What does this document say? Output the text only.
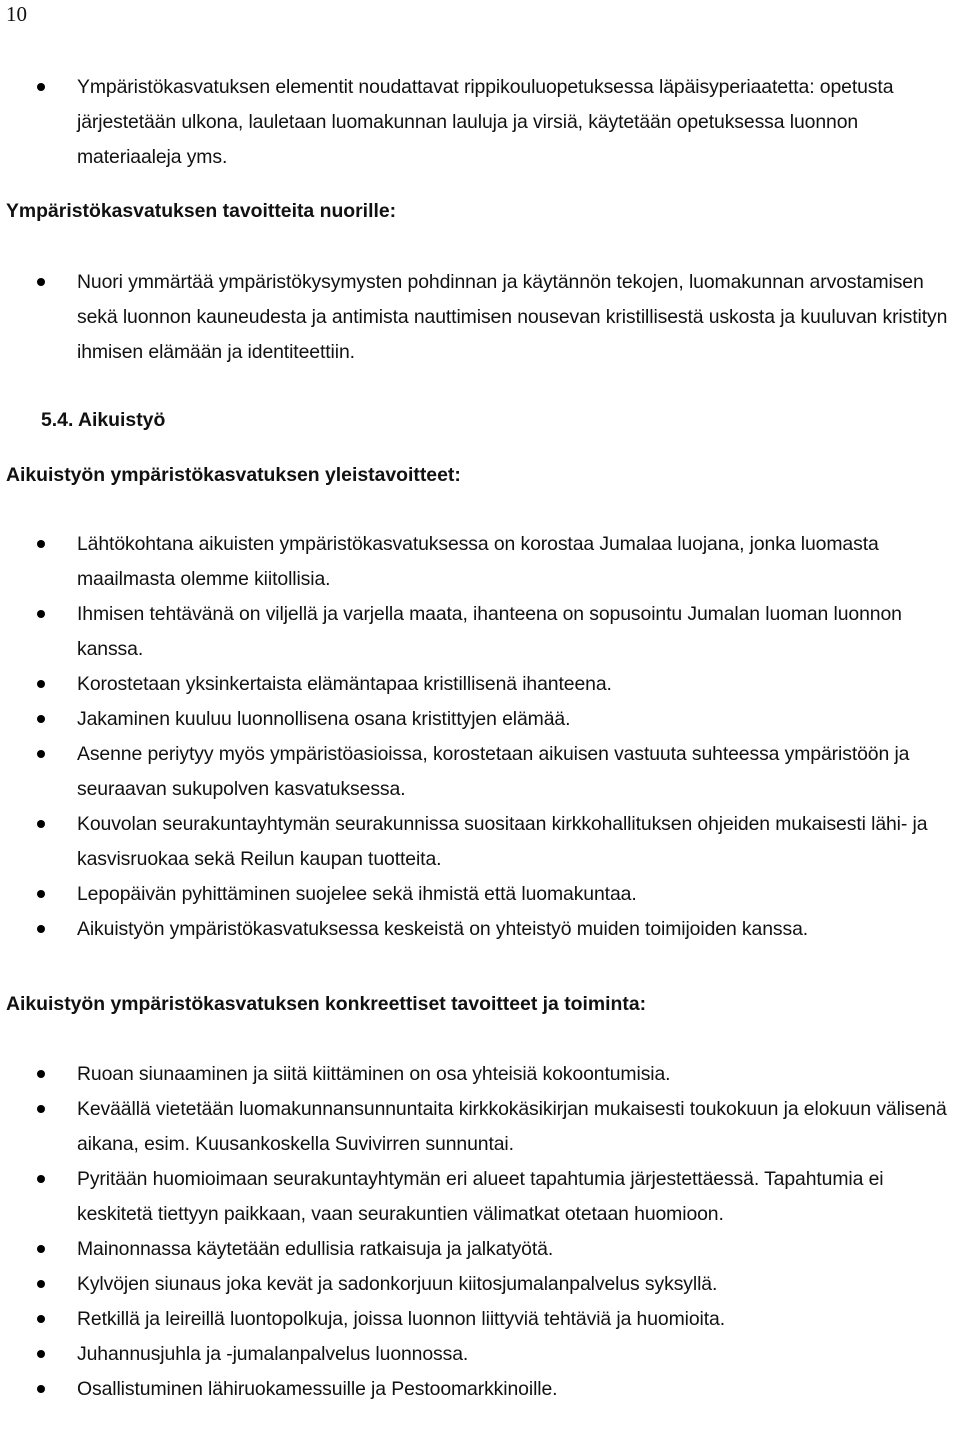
10
Ympäristökasvatuksen elementit noudattavat rippikouluopetuksessa läpäisyperiaatetta: opetusta järjestetään ulkona, lauletaan luomakunnan lauluja ja virsiä, käytetään opetuksessa luonnon materiaaleja yms.
Ympäristökasvatuksen tavoitteita nuorille:
Nuori ymmärtää ympäristökysymysten pohdinnan ja käytännön tekojen, luomakunnan arvostamisen sekä luonnon kauneudesta ja antimista nauttimisen nousevan kristillisestä uskosta ja kuuluvan kristityn ihmisen elämään ja identiteettiin.
5.4. Aikuistyö
Aikuistyön ympäristökasvatuksen yleistavoitteet:
Lähtökohtana aikuisten ympäristökasvatuksessa on korostaa Jumalaa luojana, jonka luomasta maailmasta olemme kiitollisia.
Ihmisen tehtävänä on viljellä ja varjella maata, ihanteena on sopusointu Jumalan luoman luonnon kanssa.
Korostetaan yksinkertaista elämäntapaa kristillisenä ihanteena.
Jakaminen kuuluu luonnollisena osana kristittyjen elämää.
Asenne periytyy myös ympäristöasioissa, korostetaan aikuisen vastuuta suhteessa ympäristöön ja seuraavan sukupolven kasvatuksessa.
Kouvolan seurakuntayhtymän seurakunnissa suositaan kirkkohallituksen ohjeiden mukaisesti lähi- ja kasvisruokaa sekä Reilun kaupan tuotteita.
Lepopäivän pyhittäminen suojelee sekä ihmistä että luomakuntaa.
Aikuistyön ympäristökasvatuksessa keskeistä on yhteistyö muiden toimijoiden kanssa.
Aikuistyön ympäristökasvatuksen konkreettiset tavoitteet ja toiminta:
Ruoan siunaaminen ja siitä kiittäminen on osa yhteisiä kokoontumisia.
Keväällä vietetään luomakunnansunnuntaita kirkkokäsikirjan mukaisesti toukokuun ja elokuun välisenä aikana, esim. Kuusankoskella Suvivirren sunnuntai.
Pyritään huomioimaan seurakuntayhtymän eri alueet tapahtumia järjestettäessä. Tapahtumia ei keskitetä tiettyyn paikkaan, vaan seurakuntien välimatkat otetaan huomioon.
Mainonnassa käytetään edullisia ratkaisuja ja jalkatyötä.
Kylvöjen siunaus joka kevät ja sadonkorjuun kiitosjumalanpalvelus syksyllä.
Retkillä ja leireillä luontopolkuja, joissa luonnon liittyviä tehtäviä ja huomioita.
Juhannusjuhla ja -jumalanpalvelus luonnossa.
Osallistuminen lähiruokamessuille ja Pestoomarkkinoille.
